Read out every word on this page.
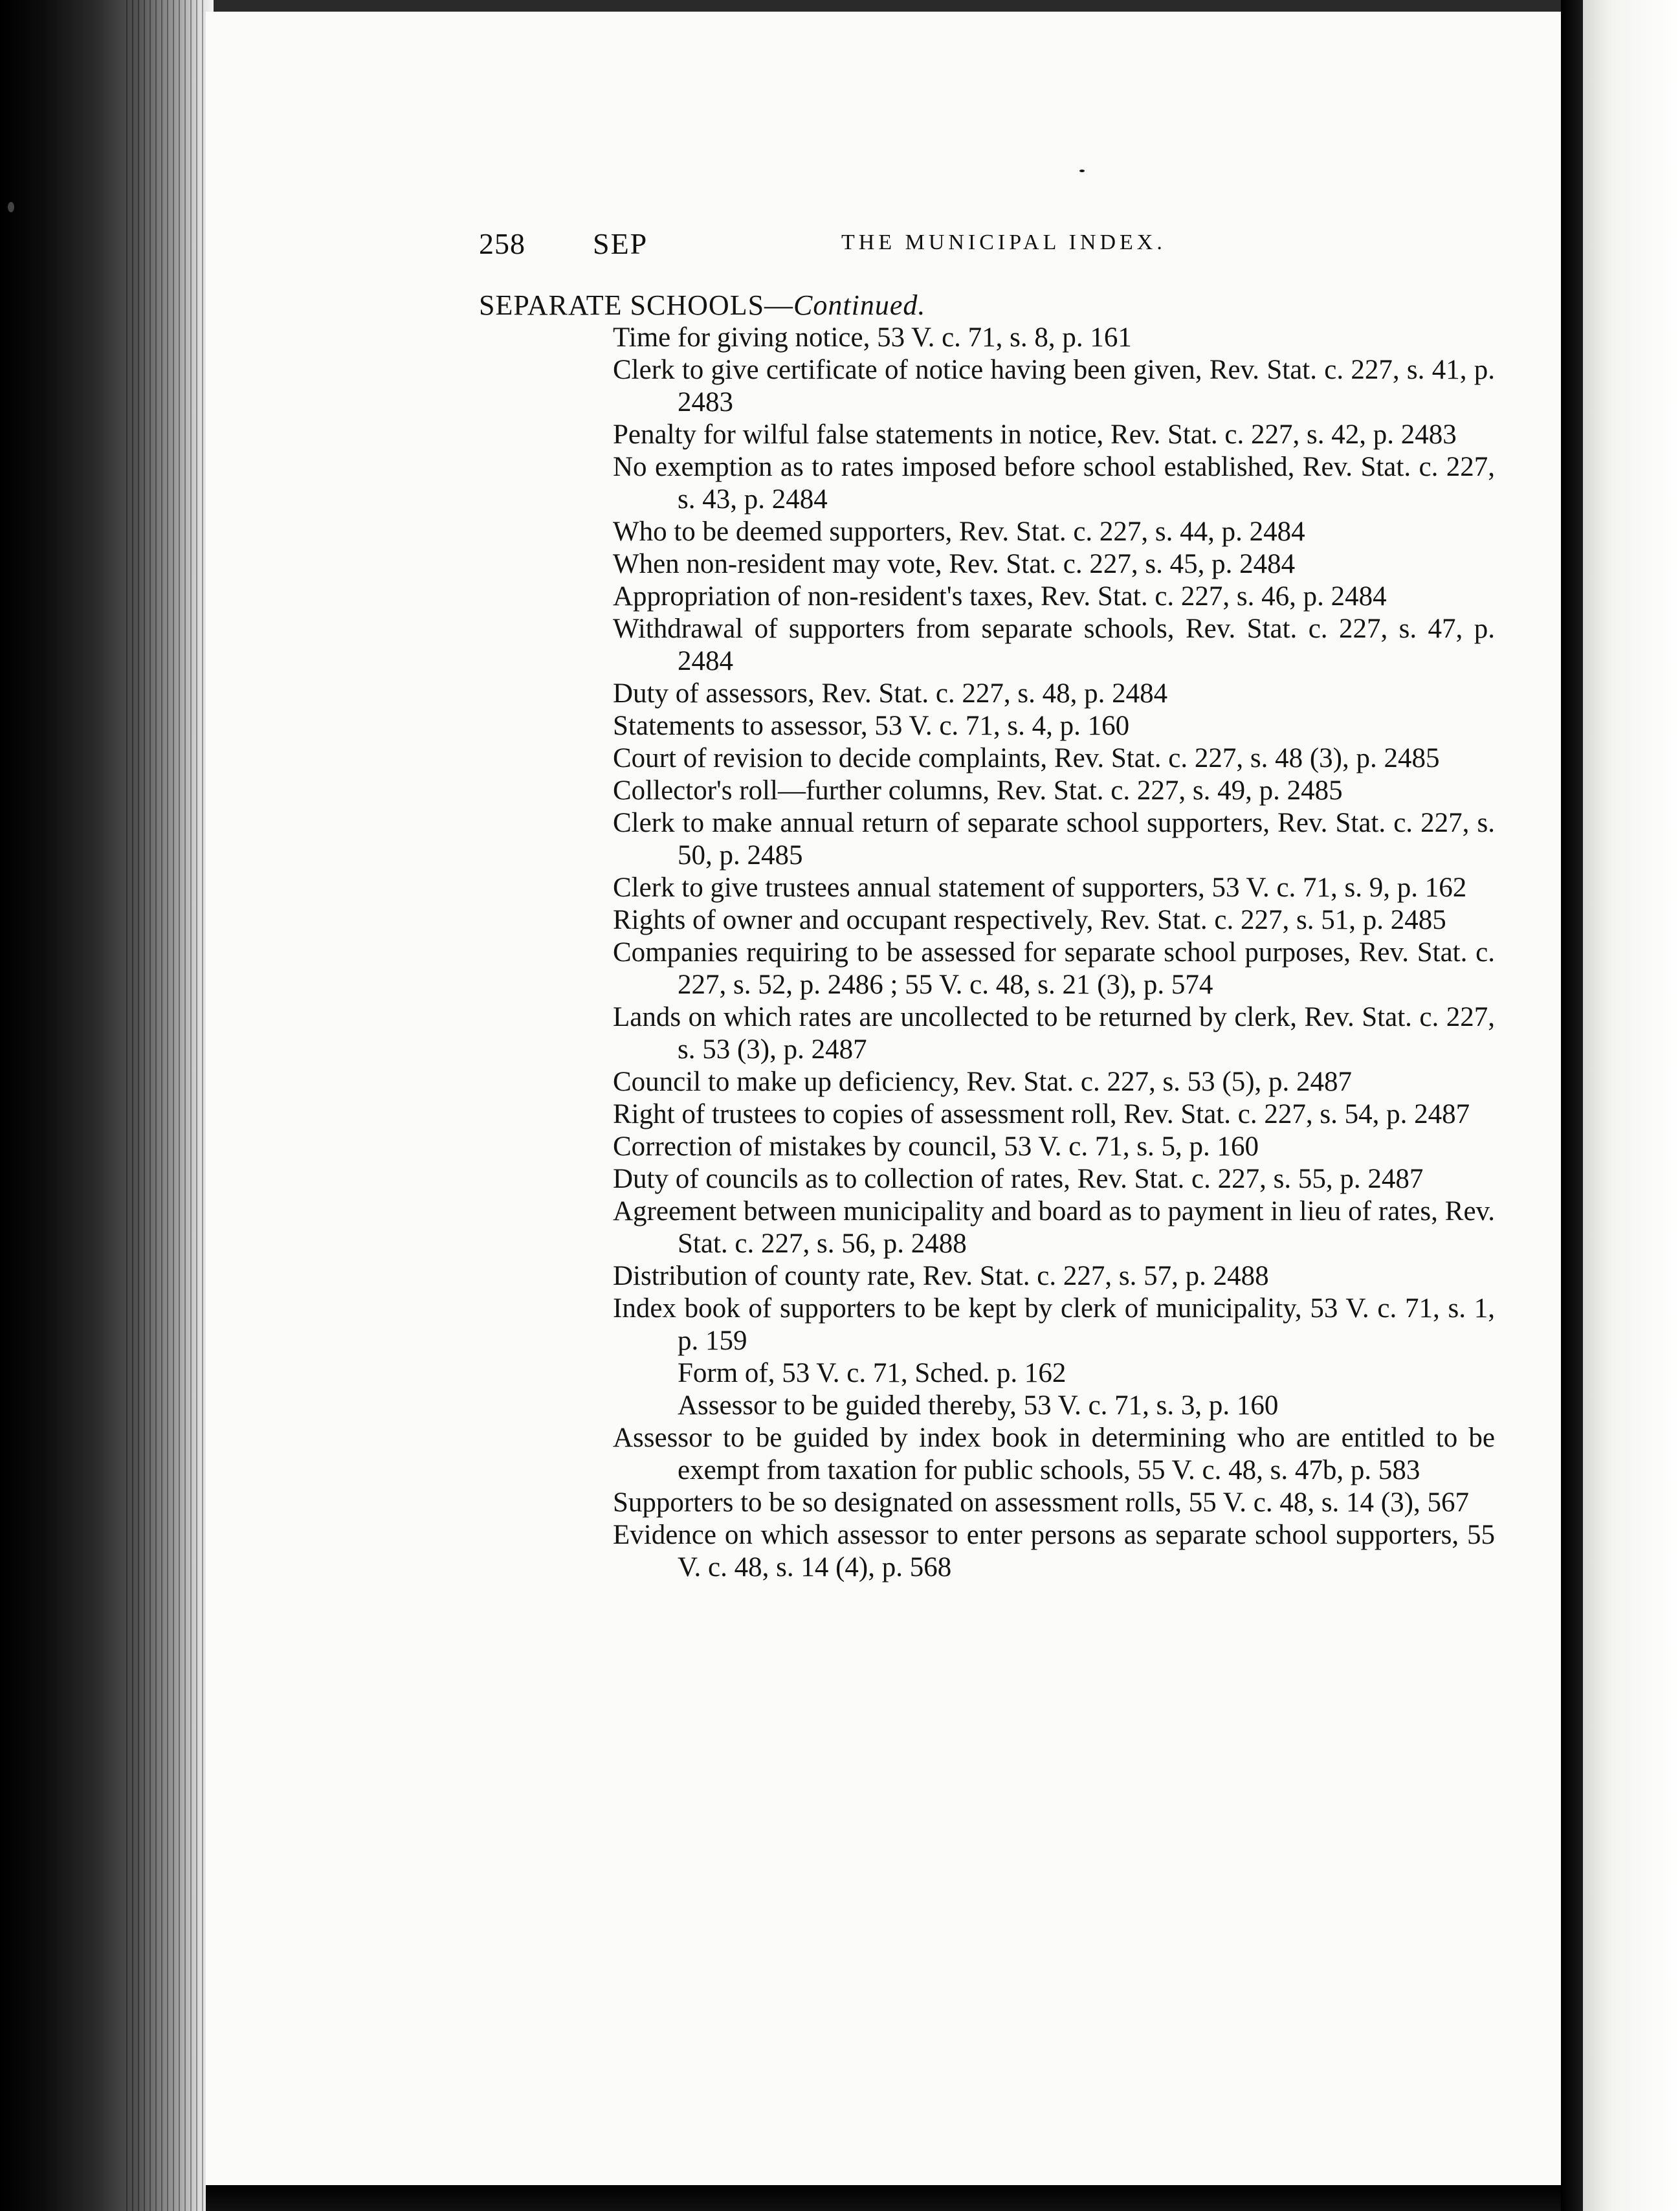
258 SEP	THE MUNICIPAL INDEX.
SEPARATE SCHOOLS—Continued.
Time for giving notice, 53 V. c. 71, s. 8, p. 161
Clerk to give certificate of notice having been given, Rev. Stat. c. 227, s. 41, p. 2483
Penalty for wilful false statements in notice, Rev. Stat. c. 227, s. 42, p. 2483
No exemption as to rates imposed before school established, Rev. Stat. c. 227, s. 43, p. 2484
Who to be deemed supporters, Rev. Stat. c. 227, s. 44, p. 2484
When non-resident may vote, Rev. Stat. c. 227, s. 45, p. 2484
Appropriation of non-resident's taxes, Rev. Stat. c. 227, s. 46, p. 2484
Withdrawal of supporters from separate schools, Rev. Stat. c. 227, s. 47, p. 2484
Duty of assessors, Rev. Stat. c. 227, s. 48, p. 2484
Statements to assessor, 53 V. c. 71, s. 4, p. 160
Court of revision to decide complaints, Rev. Stat. c. 227, s. 48 (3), p. 2485
Collector's roll—further columns, Rev. Stat. c. 227, s. 49, p. 2485
Clerk to make annual return of separate school supporters, Rev. Stat. c. 227, s. 50, p. 2485
Clerk to give trustees annual statement of supporters, 53 V. c. 71, s. 9, p. 162
Rights of owner and occupant respectively, Rev. Stat. c. 227, s. 51, p. 2485
Companies requiring to be assessed for separate school purposes, Rev. Stat. c. 227, s. 52, p. 2486 ; 55 V. c. 48, s. 21 (3), p. 574
Lands on which rates are uncollected to be returned by clerk, Rev. Stat. c. 227, s. 53 (3), p. 2487
Council to make up deficiency, Rev. Stat. c. 227, s. 53 (5), p. 2487
Right of trustees to copies of assessment roll, Rev. Stat. c. 227, s. 54, p. 2487
Correction of mistakes by council, 53 V. c. 71, s. 5, p. 160
Duty of councils as to collection of rates, Rev. Stat. c. 227, s. 55, p. 2487
Agreement between municipality and board as to payment in lieu of rates, Rev. Stat. c. 227, s. 56, p. 2488
Distribution of county rate, Rev. Stat. c. 227, s. 57, p. 2488
Index book of supporters to be kept by clerk of municipality, 53 V. c. 71, s. 1, p. 159
Form of, 53 V. c. 71, Sched. p. 162
Assessor to be guided thereby, 53 V. c. 71, s. 3, p. 160
Assessor to be guided by index book in determining who are entitled to be exempt from taxation for public schools, 55 V. c. 48, s. 47b, p. 583
Supporters to be so designated on assessment rolls, 55 V. c. 48, s. 14 (3), 567
Evidence on which assessor to enter persons as separate school supporters, 55 V. c. 48, s. 14 (4), p. 568
